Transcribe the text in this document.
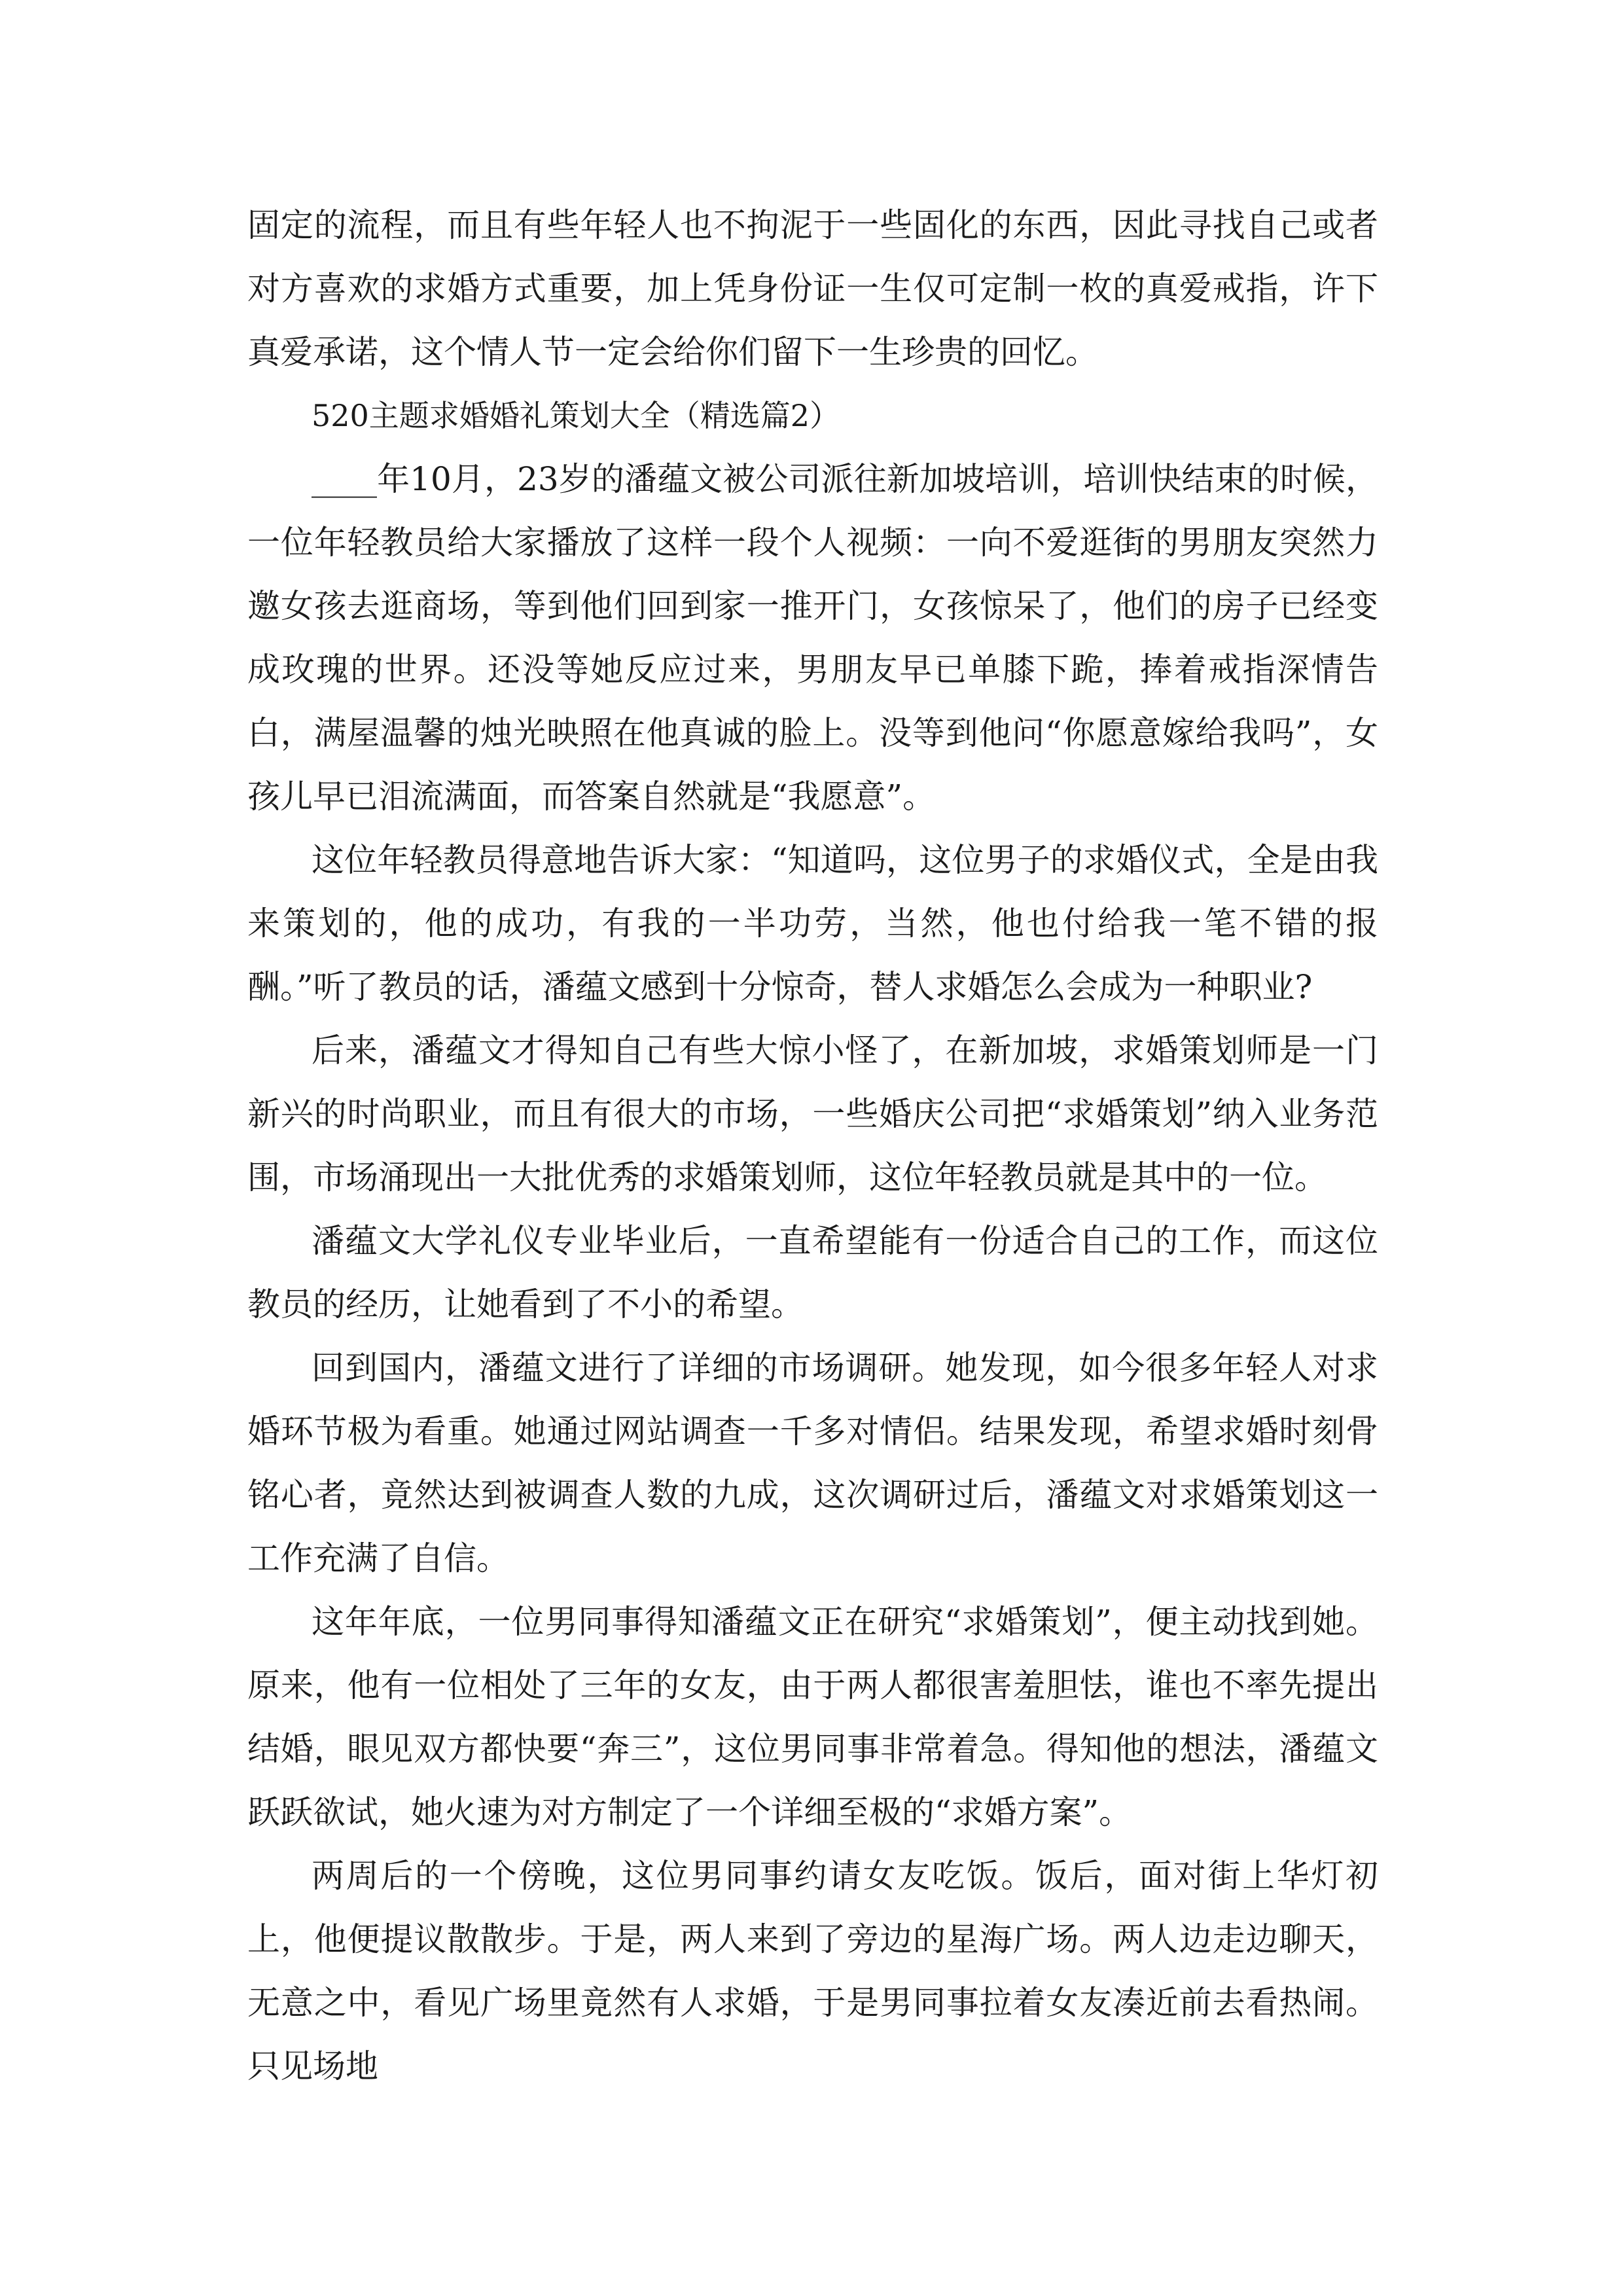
固定的流程，而且有些年轻人也不拘泥于一些固化的东西，因此寻找自己或者对方喜欢的求婚方式重要，加上凭身份证一生仅可定制一枚的真爱戒指，许下真爱承诺，这个情人节一定会给你们留下一生珍贵的回忆。

520主题求婚婚礼策划大全（精选篇2）

____年10月，23岁的潘蕴文被公司派往新加坡培训，培训快结束的时候，一位年轻教员给大家播放了这样一段个人视频：一向不爱逛街的男朋友突然力邀女孩去逛商场，等到他们回到家一推开门，女孩惊呆了，他们的房子已经变成玫瑰的世界。还没等她反应过来，男朋友早已单膝下跪，捧着戒指深情告白，满屋温馨的烛光映照在他真诚的脸上。没等到他问“你愿意嫁给我吗”，女孩儿早已泪流满面，而答案自然就是“我愿意”。

这位年轻教员得意地告诉大家：“知道吗，这位男子的求婚仪式，全是由我来策划的，他的成功，有我的一半功劳，当然，他也付给我一笔不错的报酬。”听了教员的话，潘蕴文感到十分惊奇，替人求婚怎么会成为一种职业?

后来，潘蕴文才得知自己有些大惊小怪了，在新加坡，求婚策划师是一门新兴的时尚职业，而且有很大的市场，一些婚庆公司把“求婚策划”纳入业务范围，市场涌现出一大批优秀的求婚策划师，这位年轻教员就是其中的一位。

潘蕴文大学礼仪专业毕业后，一直希望能有一份适合自己的工作，而这位教员的经历，让她看到了不小的希望。

回到国内，潘蕴文进行了详细的市场调研。她发现，如今很多年轻人对求婚环节极为看重。她通过网站调查一千多对情侣。结果发现，希望求婚时刻骨铭心者，竟然达到被调查人数的九成，这次调研过后，潘蕴文对求婚策划这一工作充满了自信。

这年年底，一位男同事得知潘蕴文正在研究“求婚策划”，便主动找到她。原来，他有一位相处了三年的女友，由于两人都很害羞胆怯，谁也不率先提出结婚，眼见双方都快要“奔三”，这位男同事非常着急。得知他的想法，潘蕴文跃跃欲试，她火速为对方制定了一个详细至极的“求婚方案”。

两周后的一个傍晚，这位男同事约请女友吃饭。饭后，面对街上华灯初上，他便提议散散步。于是，两人来到了旁边的星海广场。两人边走边聊天，无意之中，看见广场里竟然有人求婚，于是男同事拉着女友凑近前去看热闹。只见场地
